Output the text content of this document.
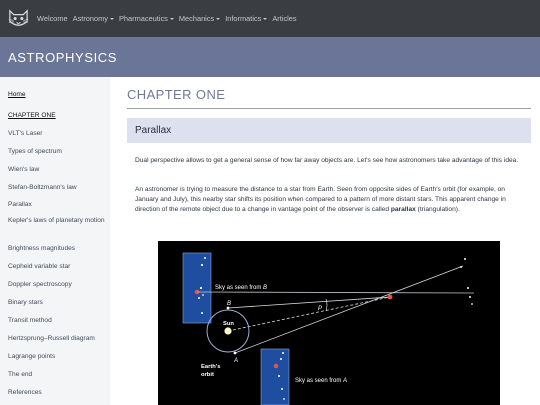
Welcome Astronomy Pharmaceutics Mechanics Informatics Articles
ASTROPHYSICS
Home
CHAPTER ONE
VLT's Laser
Types of spectrum
Wien's law
Stefan-Boltzmann's law
Parallax
Kepler's laws of planetary motion
Brightness magnitudes
Cepheid variable star
Doppler spectroscopy
Binary stars
Transit method
Hertzsprung–Russell diagram
Lagrange points
The end
References
CHAPTER ONE
Parallax
Dual perspective allows to get a general sense of how far away objects are. Let's see how astronomers take advantage of this idea.
An astronomer is trying to measure the distance to a star from Earth. Seen from opposite sides of Earth's orbit (for example, on January and July), this nearby star shifts its position when compared to a pattern of more distant stars. This apparent change in direction of the remote object due to a change in vantage point of the observer is called parallax (triangulation).
Sky as seen from B
Sky as seen from A
B
A
P
Sun
Earth's
orbit
